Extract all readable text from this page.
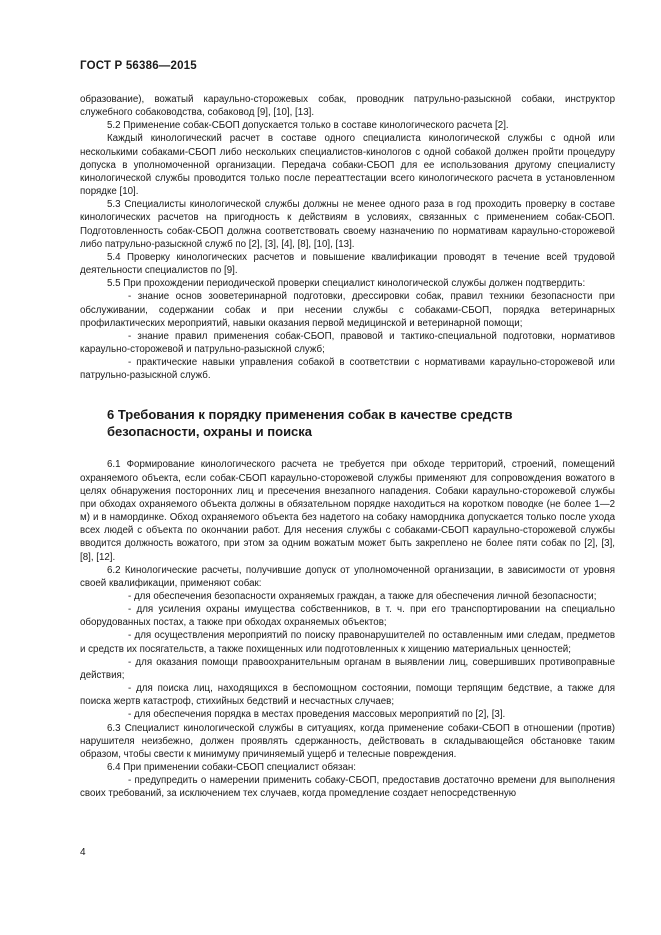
ГОСТ Р 56386—2015

образование), вожатый караульно-сторожевых собак, проводник патрульно-разыскной собаки, инструктор служебного собаководства, собаковод [9], [10], [13].

5.2 Применение собак-СБОП допускается только в составе кинологического расчета [2].

Каждый кинологический расчет в составе одного специалиста кинологической службы с одной или несколькими собаками-СБОП либо нескольких специалистов-кинологов с одной собакой должен пройти процедуру допуска в уполномоченной организации. Передача собаки-СБОП для ее использования другому специалисту кинологической службы проводится только после переаттестации всего кинологического расчета в установленном порядке [10].

5.3 Специалисты кинологической службы должны не менее одного раза в год проходить проверку в составе кинологических расчетов на пригодность к действиям в условиях, связанных с применением собак-СБОП. Подготовленность собак-СБОП должна соответствовать своему назначению по нормативам караульно-сторожевой либо патрульно-разыскной служб по [2], [3], [4], [8], [10], [13].

5.4 Проверку кинологических расчетов и повышение квалификации проводят в течение всей трудовой деятельности специалистов по [9].

5.5 При прохождении периодической проверки специалист кинологической службы должен подтвердить:

- знание основ зооветеринарной подготовки, дрессировки собак, правил техники безопасности при обслуживании, содержании собак и при несении службы с собаками-СБОП, порядка ветеринарных профилактических мероприятий, навыки оказания первой медицинской и ветеринарной помощи;

- знание правил применения собак-СБОП, правовой и тактико-специальной подготовки, нормативов караульно-сторожевой и патрульно-разыскной служб;

- практические навыки управления собакой в соответствии с нормативами караульно-сторожевой или патрульно-разыскной служб.

6 Требования к порядку применения собак в качестве средств
безопасности, охраны и поиска

6.1 Формирование кинологического расчета не требуется при обходе территорий, строений, помещений охраняемого объекта, если собак-СБОП караульно-сторожевой службы применяют для сопровождения вожатого в целях обнаружения посторонних лиц и пресечения внезапного нападения. Собаки караульно-сторожевой службы при обходах охраняемого объекта должны в обязательном порядке находиться на коротком поводке (не более 1—2 м) и в намординке. Обход охраняемого объекта без надетого на собаку намордника допускается только после ухода всех людей с объекта по окончании работ. Для несения службы с собаками-СБОП караульно-сторожевой службы вводится должность вожатого, при этом за одним вожатым может быть закреплено не более пяти собак по [2], [3], [8], [12].

6.2 Кинологические расчеты, получившие допуск от уполномоченной организации, в зависимости от уровня своей квалификации, применяют собак:

- для обеспечения безопасности охраняемых граждан, а также для обеспечения личной безопасности;

- для усиления охраны имущества собственников, в т. ч. при его транспортировании на специально оборудованных постах, а также при обходах охраняемых объектов;

- для осуществления мероприятий по поиску правонарушителей по оставленным ими следам, предметов и средств их посягательств, а также похищенных или подготовленных к хищению материальных ценностей;

- для оказания помощи правоохранительным органам в выявлении лиц, совершивших противоправные действия;

- для поиска лиц, находящихся в беспомощном состоянии, помощи терпящим бедствие, а также для поиска жертв катастроф, стихийных бедствий и несчастных случаев;

- для обеспечения порядка в местах проведения массовых мероприятий по [2], [3].

6.3 Специалист кинологической службы в ситуациях, когда применение собаки-СБОП в отношении (против) нарушителя неизбежно, должен проявлять сдержанность, действовать в складывающейся обстановке таким образом, чтобы свести к минимуму причиняемый ущерб и телесные повреждения.

6.4 При применении собаки-СБОП специалист обязан:

- предупредить о намерении применить собаку-СБОП, предоставив достаточно времени для выполнения своих требований, за исключением тех случаев, когда промедление создает непосредственную

4
